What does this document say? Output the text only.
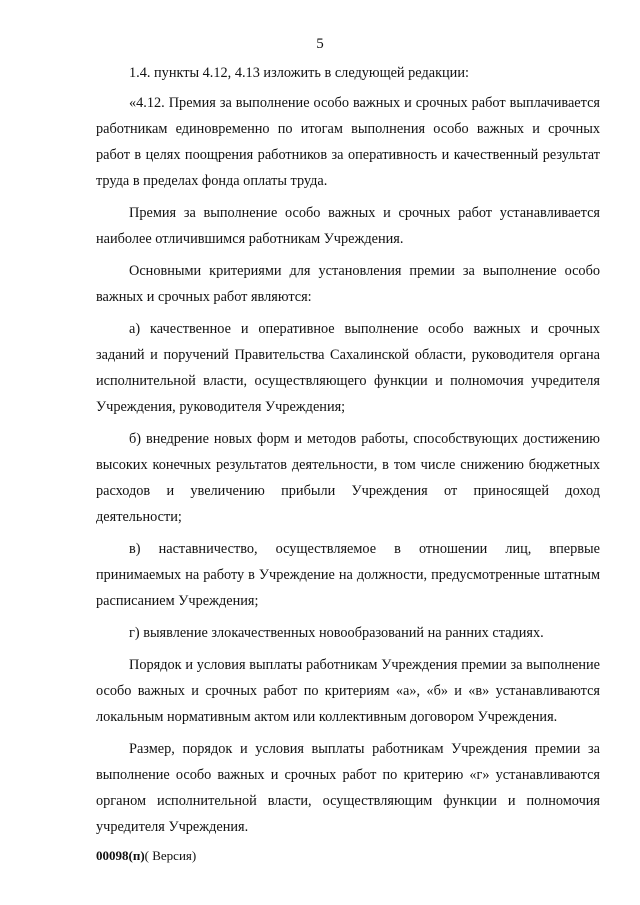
5

1.4. пункты 4.12, 4.13 изложить в следующей редакции:

«4.12. Премия за выполнение особо важных и срочных работ выплачивается работникам единовременно по итогам выполнения особо важных и срочных работ в целях поощрения работников за оперативность и качественный результат труда в пределах фонда оплаты труда.

Премия за выполнение особо важных и срочных работ устанавливается наиболее отличившимся работникам Учреждения.

Основными критериями для установления премии за выполнение особо важных и срочных работ являются:

а) качественное и оперативное выполнение особо важных и срочных заданий и поручений Правительства Сахалинской области, руководителя органа исполнительной власти, осуществляющего функции и полномочия учредителя Учреждения, руководителя Учреждения;

б) внедрение новых форм и методов работы, способствующих достижению высоких конечных результатов деятельности, в том числе снижению бюджетных расходов и увеличению прибыли Учреждения от приносящей доход деятельности;

в) наставничество, осуществляемое в отношении лиц, впервые принимаемых на работу в Учреждение на должности, предусмотренные штатным расписанием Учреждения;

г) выявление злокачественных новообразований на ранних стадиях.

Порядок и условия выплаты работникам Учреждения премии за выполнение особо важных и срочных работ по критериям «а», «б» и «в» устанавливаются локальным нормативным актом или коллективным договором Учреждения.

Размер, порядок и условия выплаты работникам Учреждения премии за выполнение особо важных и срочных работ по критерию «г» устанавливаются органом исполнительной власти, осуществляющим функции и полномочия учредителя Учреждения.

00098(п)( Версия)
